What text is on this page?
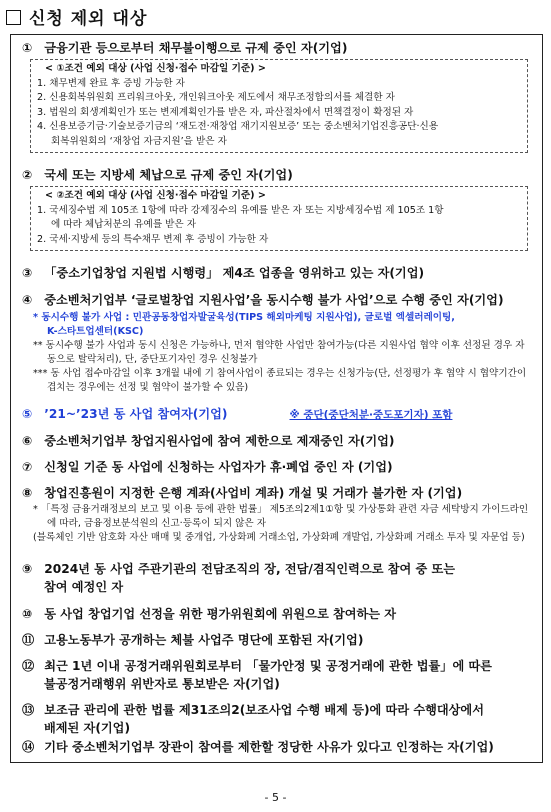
신청 제외 대상
① 금융기관 등으로부터 채무불이행으로 규제 중인 자(기업)
< ①조건 예외 대상 (사업 신청·접수 마감일 기준) >
1. 채무변제 완료 후 증빙 가능한 자
2. 신용회복위원회 프리워크아웃, 개인워크아웃 제도에서 채무조정합의서를 체결한 자
3. 법원의 회생계획인가 또는 변제계획인가를 받은 자, 파산절차에서 면책결정이 확정된 자
4. 신용보증기금·기술보증기금의 ‘재도전·재창업 재기지원보증’ 또는 중소벤처기업진흥공단·신용
회복위원회의 ‘재창업 자금지원’을 받은 자
② 국세 또는 지방세 체납으로 규제 중인 자(기업)
< ②조건 예외 대상 (사업 신청·접수 마감일 기준) >
1. 국세징수법 제 105조 1항에 따라 강제징수의 유예를 받은 자 또는 지방세징수법 제 105조 1항
에 따라 체납처분의 유예를 받은 자
2. 국세·지방세 등의 특수채무 변제 후 증빙이 가능한 자
③ 「중소기업창업 지원법 시행령」 제4조 업종을 영위하고 있는 자(기업)
④ 중소벤처기업부 ‘글로벌창업 지원사업’을 동시수행 불가 사업’으로 수행 중인 자(기업)
* 동시수행 불가 사업 : 민관공동창업자발굴육성(TIPS 해외마케팅 지원사업), 글로벌 엑셀러레이팅,
K-스타트업센터(KSC)
** 동시수행 불가 사업과 동시 신청은 가능하나, 먼저 협약한 사업만 참여가능(다른 지원사업 협약 이후 선정된 경우 자동으로 탈락처리), 단, 중단포기자인 경우 신청불가
*** 동 사업 접수마감일 이후 3개월 내에 기 참여사업이 종료되는 경우는 신청가능(단, 선정평가 후 협약 시 협약기간이 겹치는 경우에는 선정 및 협약이 불가할 수 있음)
⑤ ’21~’23년 동 사업 참여자(기업)	※ 중단(중단처분·중도포기자) 포함
⑥ 중소벤처기업부 창업지원사업에 참여 제한으로 제재중인 자(기업)
⑦ 신청일 기준 동 사업에 신청하는 사업자가 휴·폐업 중인 자 (기업)
⑧ 창업진흥원이 지정한 은행 계좌(사업비 계좌) 개설 및 거래가 불가한 자 (기업)
* 「특정 금융거래정보의 보고 및 이용 등에 관한 법률」 제5조의2제1①항 및 가상통화 관련 자금 세탁방지 가이드라인에 따라, 금융정보분석원의 신고·등록이 되지 않은 자
(블록체인 기반 암호화 자산 매매 및 중개업, 가상화폐 거래소업, 가상화폐 개발업, 가상화폐 거래소 투자 및 자문업 등)
⑨ 2024년 동 사업 주관기관의 전담조직의 장, 전담/겸직인력으로 참여 중 또는
참여 예정인 자
⑩ 동 사업 창업기업 선정을 위한 평가위원회에 위원으로 참여하는 자
⑪ 고용노동부가 공개하는 체불 사업주 명단에 포함된 자(기업)
⑫ 최근 1년 이내 공정거래위원회로부터 「물가안정 및 공정거래에 관한 법률」에 따른
불공정거래행위 위반자로 통보받은 자(기업)
⑬ 보조금 관리에 관한 법률 제31조의2(보조사업 수행 배제 등)에 따라 수행대상에서
배제된 자(기업)
⑭ 기타 중소벤처기업부 장관이 참여를 제한할 정당한 사유가 있다고 인정하는 자(기업)
- 5 -
